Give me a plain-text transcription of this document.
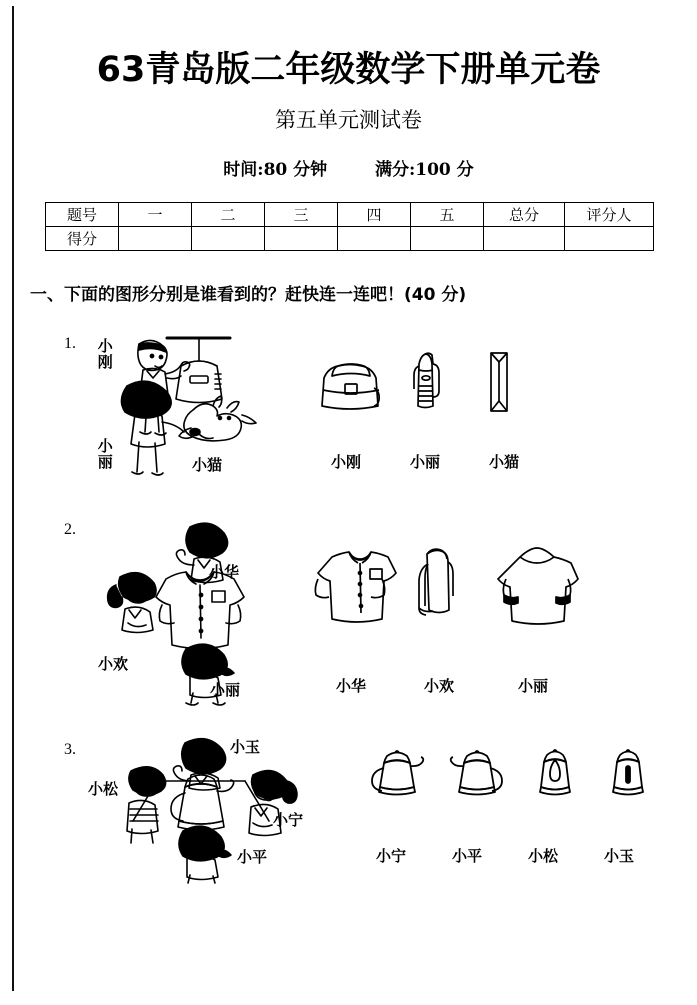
63青岛版二年级数学下册单元卷
第五单元测试卷
时间:80 分钟	满分:100 分
题号	一	二	三	四	五	总分	评分人
得分							
一、下面的图形分别是谁看到的？赶快连一连吧！(40 分)
1. 小刚
小丽	小猫	小刚	小丽	小猫
2.
小华
小欢
小丽	小华	小欢	小丽
3.	小玉
小松
小宁
小平	小宁	小平	小松	小玉
